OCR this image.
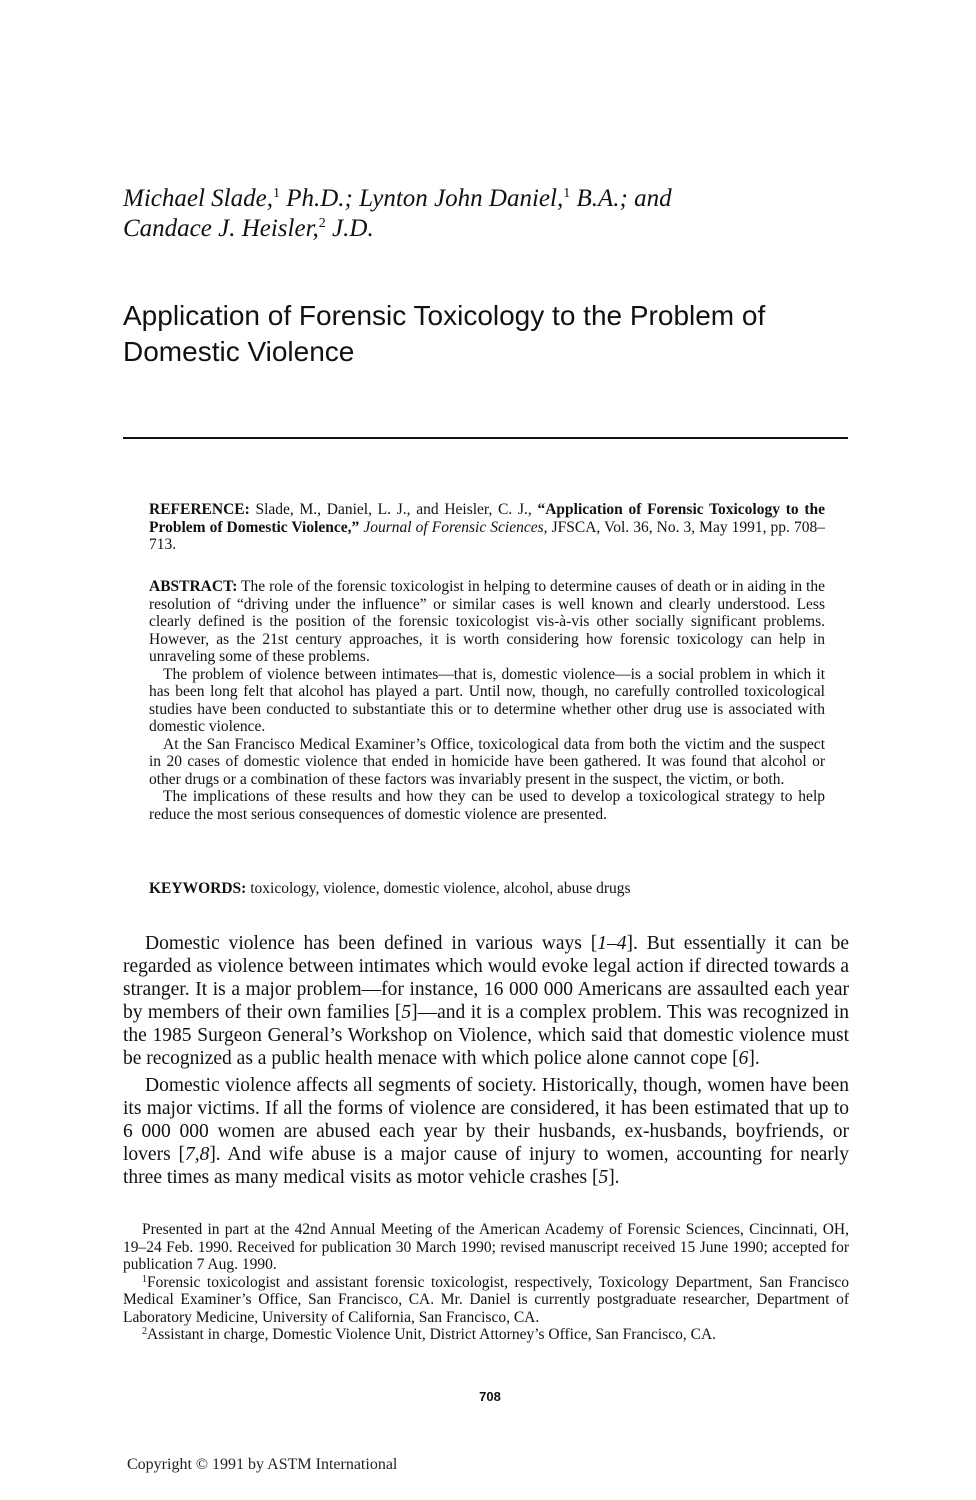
Michael Slade,$^1$ Ph.D.; Lynton John Daniel,$^1$ B.A.; and
Candace J. Heisler,$^2$ J.D.
Application of Forensic Toxicology to the Problem of
Domestic Violence
REFERENCE: Slade, M., Daniel, L. J., and Heisler, C. J., “Application of Forensic Toxicology to the Problem of Domestic Violence,” Journal of Forensic Sciences, JFSCA, Vol. 36, No. 3, May 1991, pp. 708–713.

ABSTRACT: The role of the forensic toxicologist in helping to determine causes of death or in aiding in the resolution of “driving under the influence” or similar cases is well known and clearly understood. Less clearly defined is the position of the forensic toxicologist vis-à-vis other socially significant problems. However, as the 21st century approaches, it is worth considering how forensic toxicology can help in unraveling some of these problems.

The problem of violence between intimates—that is, domestic violence—is a social problem in which it has been long felt that alcohol has played a part. Until now, though, no carefully controlled toxicological studies have been conducted to substantiate this or to determine whether other drug use is associated with domestic violence.

At the San Francisco Medical Examiner’s Office, toxicological data from both the victim and the suspect in 20 cases of domestic violence that ended in homicide have been gathered. It was found that alcohol or other drugs or a combination of these factors was invariably present in the suspect, the victim, or both.

The implications of these results and how they can be used to develop a toxicological strategy to help reduce the most serious consequences of domestic violence are presented.

KEYWORDS: toxicology, violence, domestic violence, alcohol, abuse drugs

Domestic violence has been defined in various ways [1–4]. But essentially it can be regarded as violence between intimates which would evoke legal action if directed towards a stranger. It is a major problem—for instance, 16 000 000 Americans are assaulted each year by members of their own families [5]—and it is a complex problem. This was recognized in the 1985 Surgeon General’s Workshop on Violence, which said that domestic violence must be recognized as a public health menace with which police alone cannot cope [6].

Domestic violence affects all segments of society. Historically, though, women have been its major victims. If all the forms of violence are considered, it has been estimated that up to 6 000 000 women are abused each year by their husbands, ex-husbands, boyfriends, or lovers [7,8]. And wife abuse is a major cause of injury to women, accounting for nearly three times as many medical visits as motor vehicle crashes [5].

Presented in part at the 42nd Annual Meeting of the American Academy of Forensic Sciences, Cincinnati, OH, 19–24 Feb. 1990. Received for publication 30 March 1990; revised manuscript received 15 June 1990; accepted for publication 7 Aug. 1990.

$^1$Forensic toxicologist and assistant forensic toxicologist, respectively, Toxicology Department, San Francisco Medical Examiner’s Office, San Francisco, CA. Mr. Daniel is currently postgraduate researcher, Department of Laboratory Medicine, University of California, San Francisco, CA.

$^2$Assistant in charge, Domestic Violence Unit, District Attorney’s Office, San Francisco, CA.

708
Copyright © 1991 by ASTM International
